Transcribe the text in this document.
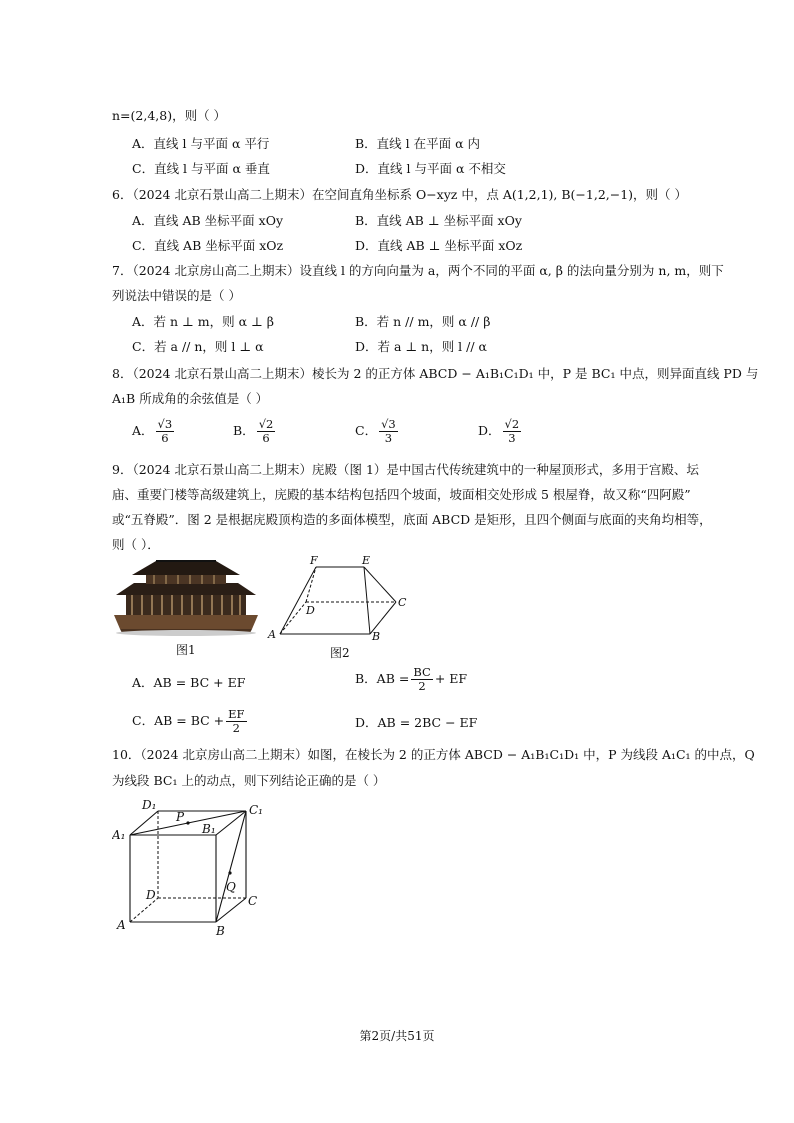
n=(2,4,8)，则（ ）
A．直线 l 与平面 α 平行	B．直线 l 在平面 α 内
C．直线 l 与平面 α 垂直	D．直线 l 与平面 α 不相交
6．（2024 北京石景山高二上期末）在空间直角坐标系 O−xyz 中，点 A(1,2,1), B(−1,2,−1)，则（ ）
A．直线 AB 坐标平面 xOy	B．直线 AB ⊥ 坐标平面 xOy
C．直线 AB 坐标平面 xOz	D．直线 AB ⊥ 坐标平面 xOz
7．（2024 北京房山高二上期末）设直线 l 的方向向量为 a，两个不同的平面 α, β 的法向量分别为 n, m，则下
列说法中错误的是（ ）
A．若 n ⊥ m，则 α ⊥ β	B．若 n // m，则 α // β
C．若 a // n，则 l ⊥ α	D．若 a ⊥ n，则 l // α
8．（2024 北京石景山高二上期末）棱长为 2 的正方体 ABCD − A₁B₁C₁D₁ 中，P 是 BC₁ 中点，则异面直线 PD 与
A₁B 所成角的余弦值是（ ）
A． $\frac{√3}{6}$	B． $\frac{√2}{6}$	C． $\frac{√3}{3}$	D． $\frac{√2}{3}$
9．（2024 北京石景山高二上期末）庑殿（图 1）是中国古代传统建筑中的一种屋顶形式，多用于宫殿、坛
庙、重要门楼等高级建筑上，庑殿的基本结构包括四个坡面，坡面相交处形成 5 根屋脊，故又称“四阿殿”
或“五脊殿”．图 2 是根据庑殿顶构造的多面体模型，底面 ABCD 是矩形，且四个侧面与底面的夹角均相等，
则（ ）．
图1
F	E
D
C
A	B
图2
A．AB = BC + EF	B．AB = $\frac{BC}{2}$ + EF
C．AB = BC + $\frac{EF}{2}$	D．AB = 2BC − EF
10．（2024 北京房山高二上期末）如图，在棱长为 2 的正方体 ABCD − A₁B₁C₁D₁ 中，P 为线段 A₁C₁ 的中点，Q
为线段 BC₁ 上的动点，则下列结论正确的是（ ）
D₁	C₁
A₁
P
B₁
D
Q
C
A	B
第2页/共51页
